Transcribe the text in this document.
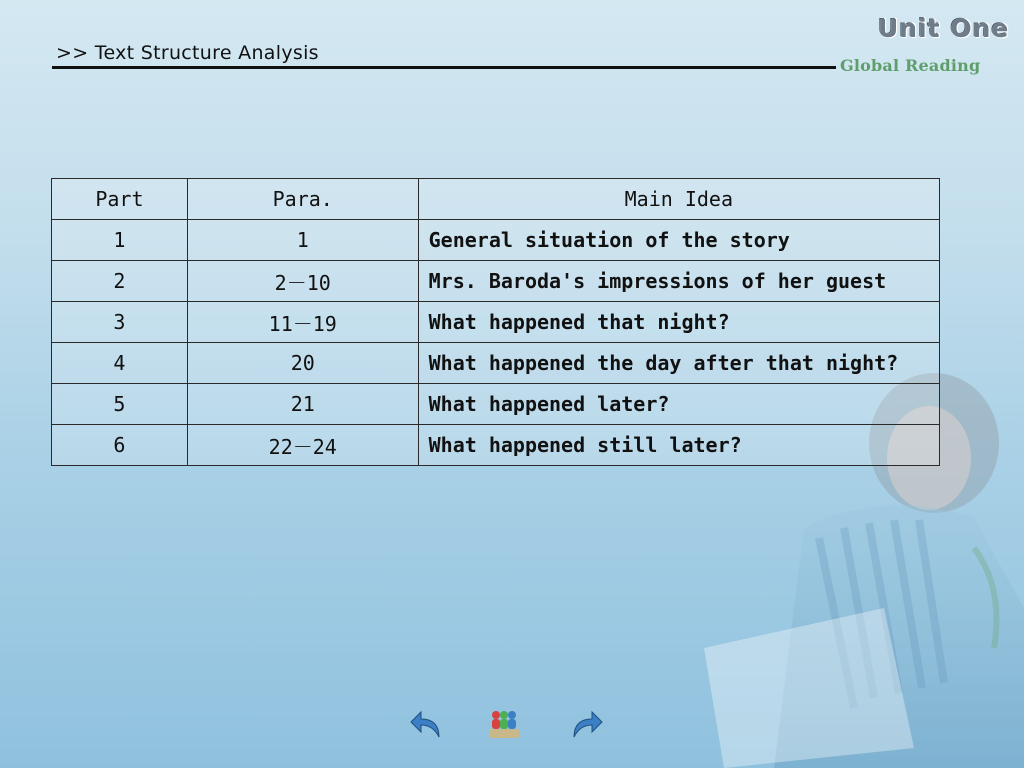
>> Text Structure Analysis
Unit One
Global Reading
Part	Para.	Main Idea
1	1	General situation of the story
2	2－10	Mrs. Baroda's impressions of her guest
3	11－19	What happened that night?
4	20	What happened the day after that night?
5	21	What happened later?
6	22－24	What happened still later?
